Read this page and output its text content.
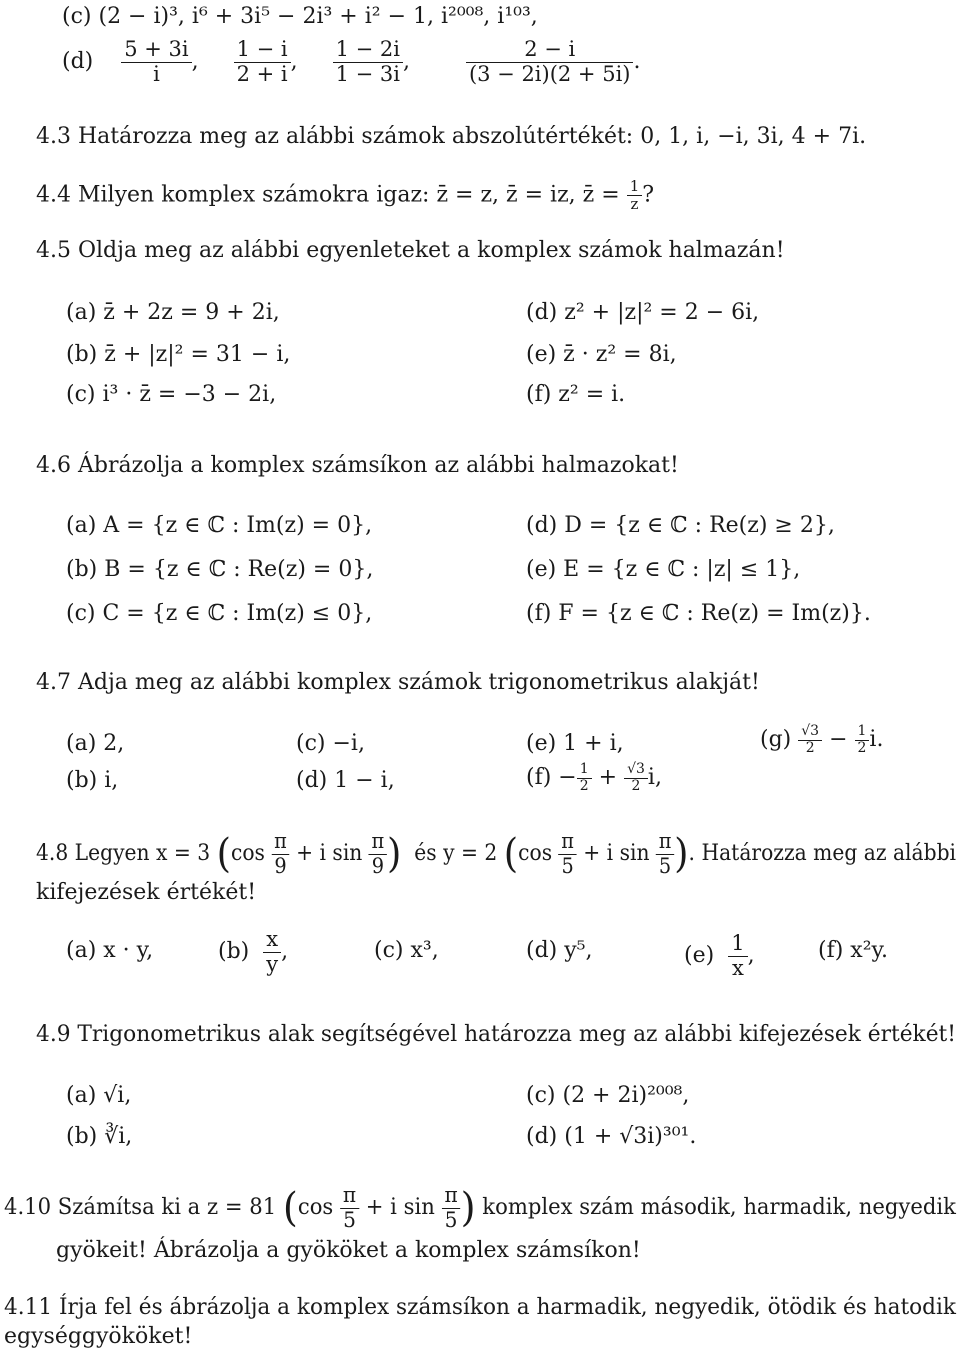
(c) (2 − i)³, i⁶ + 3i⁵ − 2i³ + i² − 1, i²⁰⁰⁸, i¹⁰³,
$(d) \frac{5 + 3i}{i}$ , $\frac{1 - i}{2 + i}$ , $\frac{1 - 2i}{1 - 3i}$ ,	$\frac{2 - i}{(3 - 2i)(2 + 5i)}$ .
4.3 Határozza meg az alábbi számok abszolútértékét: 0, 1, i, −i, 3i, 4 + 7i.
4.4 Milyen komplex számokra igaz: z̄ = z, z̄ = iz, z̄ = $\frac{1}{z}$ ?
4.5 Oldja meg az alábbi egyenleteket a komplex számok halmazán!
(a) z̄ + 2z = 9 + 2i,
(b) z̄ + |z|² = 31 − i,
(c) i³ · z̄ = −3 − 2i,
(d) z² + |z|² = 2 − 6i,
(e) z̄ · z² = 8i,
(f) z² = i.
4.6 Ábrázolja a komplex számsíkon az alábbi halmazokat!
(a) A = {z ∈ ℂ : Im(z) = 0},
(b) B = {z ∈ ℂ : Re(z) = 0},
(c) C = {z ∈ ℂ : Im(z) ≤ 0},
(d) D = {z ∈ ℂ : Re(z) ≥ 2},
(e) E = {z ∈ ℂ : |z| ≤ 1},
(f) F = {z ∈ ℂ : Re(z) = Im(z)}.
4.7 Adja meg az alábbi komplex számok trigonometrikus alakját!
(a) 2,
(b) i,
(c) −i,
(d) 1 − i,
(e) 1 + i,
$(f) - \frac{1}{2} + \frac{√3}{2} i$,
$(g) \frac{√3}{2} - \frac{1}{2} i$.
4.8 Legyen x = 3 ($\cos \frac{\pi}{9} + i$ $\sin \frac{\pi}{9}$ ) és y = 2 ($\cos \frac{\pi}{5} + i$ $\sin \frac{\pi}{5}$ ). Határozza meg az alábbi
kifejezések értékét!
(a) x · y,	$(b) \frac{x}{y}$ ,	(c) x³,	(d) y⁵,	$(e) \frac{1}{x}$ ,	(f) x²y.
4.9 Trigonometrikus alak segítségével határozza meg az alábbi kifejezések értékét!
(a) √i,
(b) ∛i,
(c) (2 + 2i)²⁰⁰⁸,
(d) (1 + √3i)³⁰¹.
4.10 Számítsa ki a z = 81 ($\cos \frac{\pi}{5} + i$ $\sin \frac{\pi}{5}$ ) komplex szám második, harmadik, negyedik
gyökeit! Ábrázolja a gyököket a komplex számsíkon!
4.11 Írja fel és ábrázolja a komplex számsíkon a harmadik, negyedik, ötödik és hatodik
egységgyököket!
